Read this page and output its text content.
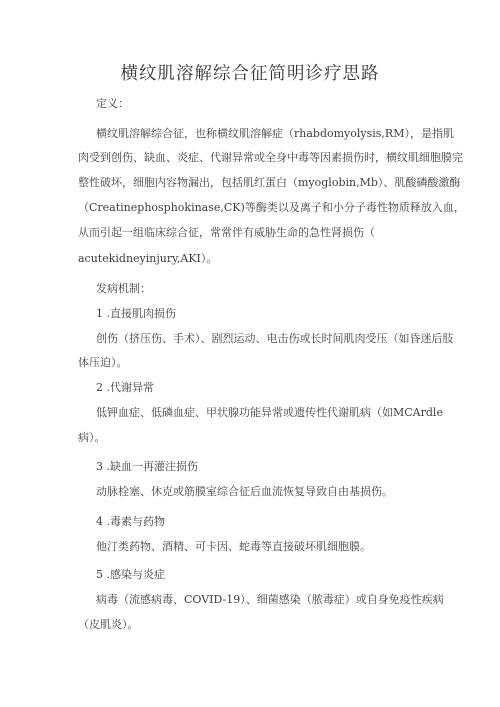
横纹肌溶解综合征简明诊疗思路
定义：
横纹肌溶解综合征，也称横纹肌溶解症（rhabdomyolysis,RM），是指肌
肉受到创伤、缺血、炎症、代谢异常或全身中毒等因素损伤时，横纹肌细胞膜完
整性破坏，细胞内容物漏出，包括肌红蛋白（myoglobin,Mb）、肌酸磷酸激酶
（Creatinephosphokinase,CK)等酶类以及离子和小分子毒性物质释放入血，
从而引起一组临床综合征，常常伴有威胁生命的急性肾损伤（
acutekidneyinjury,AKI）。
发病机制：
1 .直接肌肉损伤
创伤（挤压伤、手术）、剧烈运动、电击伤或长时间肌肉受压（如昏迷后肢
体压迫）。
2 .代谢异常
低钾血症、低磷血症、甲状腺功能异常或遗传性代谢肌病（如MCArdle
病）。
3 .缺血一再灌注损伤
动脉栓塞、休克或筋膜室综合征后血流恢复导致自由基损伤。
4 .毒素与药物
他汀类药物、酒精、可卡因、蛇毒等直接破坏肌细胞膜。
5 .感染与炎症
病毒（流感病毒、COVID-19）、细菌感染（脓毒症）或自身免疫性疾病
（皮肌炎）。
